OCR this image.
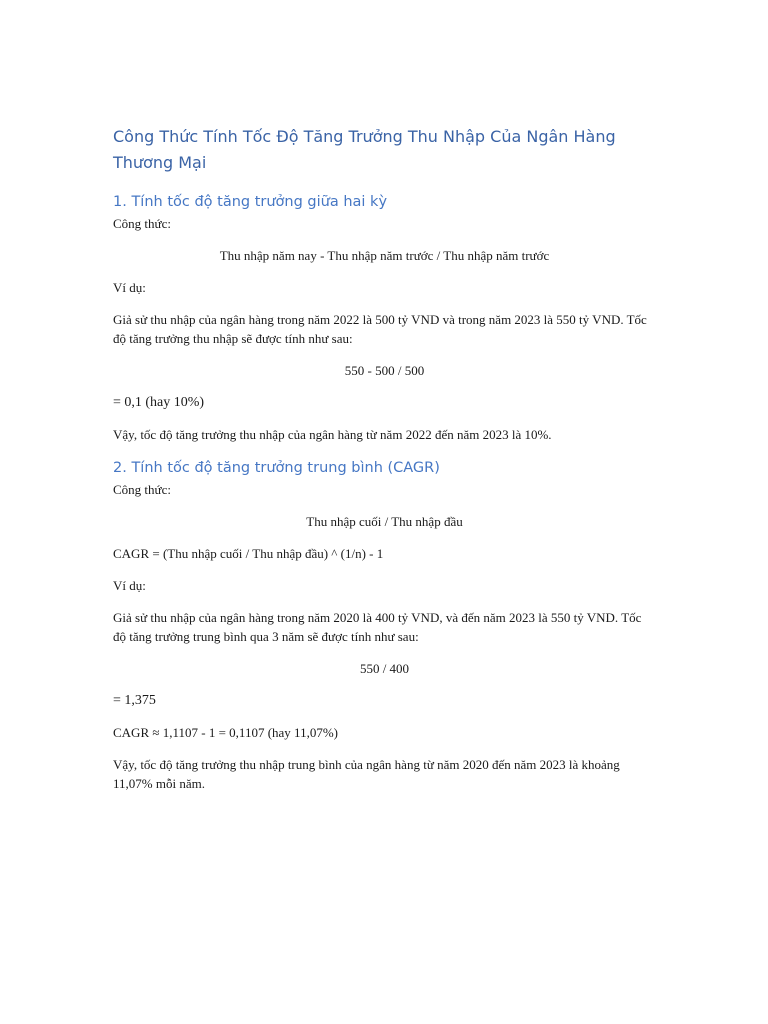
Công Thức Tính Tốc Độ Tăng Trưởng Thu Nhập Của Ngân Hàng Thương Mại
1. Tính tốc độ tăng trưởng giữa hai kỳ

Công thức:

Thu nhập năm nay - Thu nhập năm trước / Thu nhập năm trước

Ví dụ:

Giả sử thu nhập của ngân hàng trong năm 2022 là 500 tỷ VND và trong năm 2023 là 550 tỷ VND. Tốc độ tăng trưởng thu nhập sẽ được tính như sau:

550 - 500 / 500

= 0,1 (hay 10%)

Vậy, tốc độ tăng trưởng thu nhập của ngân hàng từ năm 2022 đến năm 2023 là 10%.

2. Tính tốc độ tăng trưởng trung bình (CAGR)

Công thức:

Thu nhập cuối / Thu nhập đầu

CAGR = (Thu nhập cuối / Thu nhập đầu) ^ (1/n) - 1

Ví dụ:

Giả sử thu nhập của ngân hàng trong năm 2020 là 400 tỷ VND, và đến năm 2023 là 550 tỷ VND. Tốc độ tăng trưởng trung bình qua 3 năm sẽ được tính như sau:

550 / 400

= 1,375

CAGR ≈ 1,1107 - 1 = 0,1107 (hay 11,07%)

Vậy, tốc độ tăng trưởng thu nhập trung bình của ngân hàng từ năm 2020 đến năm 2023 là khoảng 11,07% mỗi năm.
